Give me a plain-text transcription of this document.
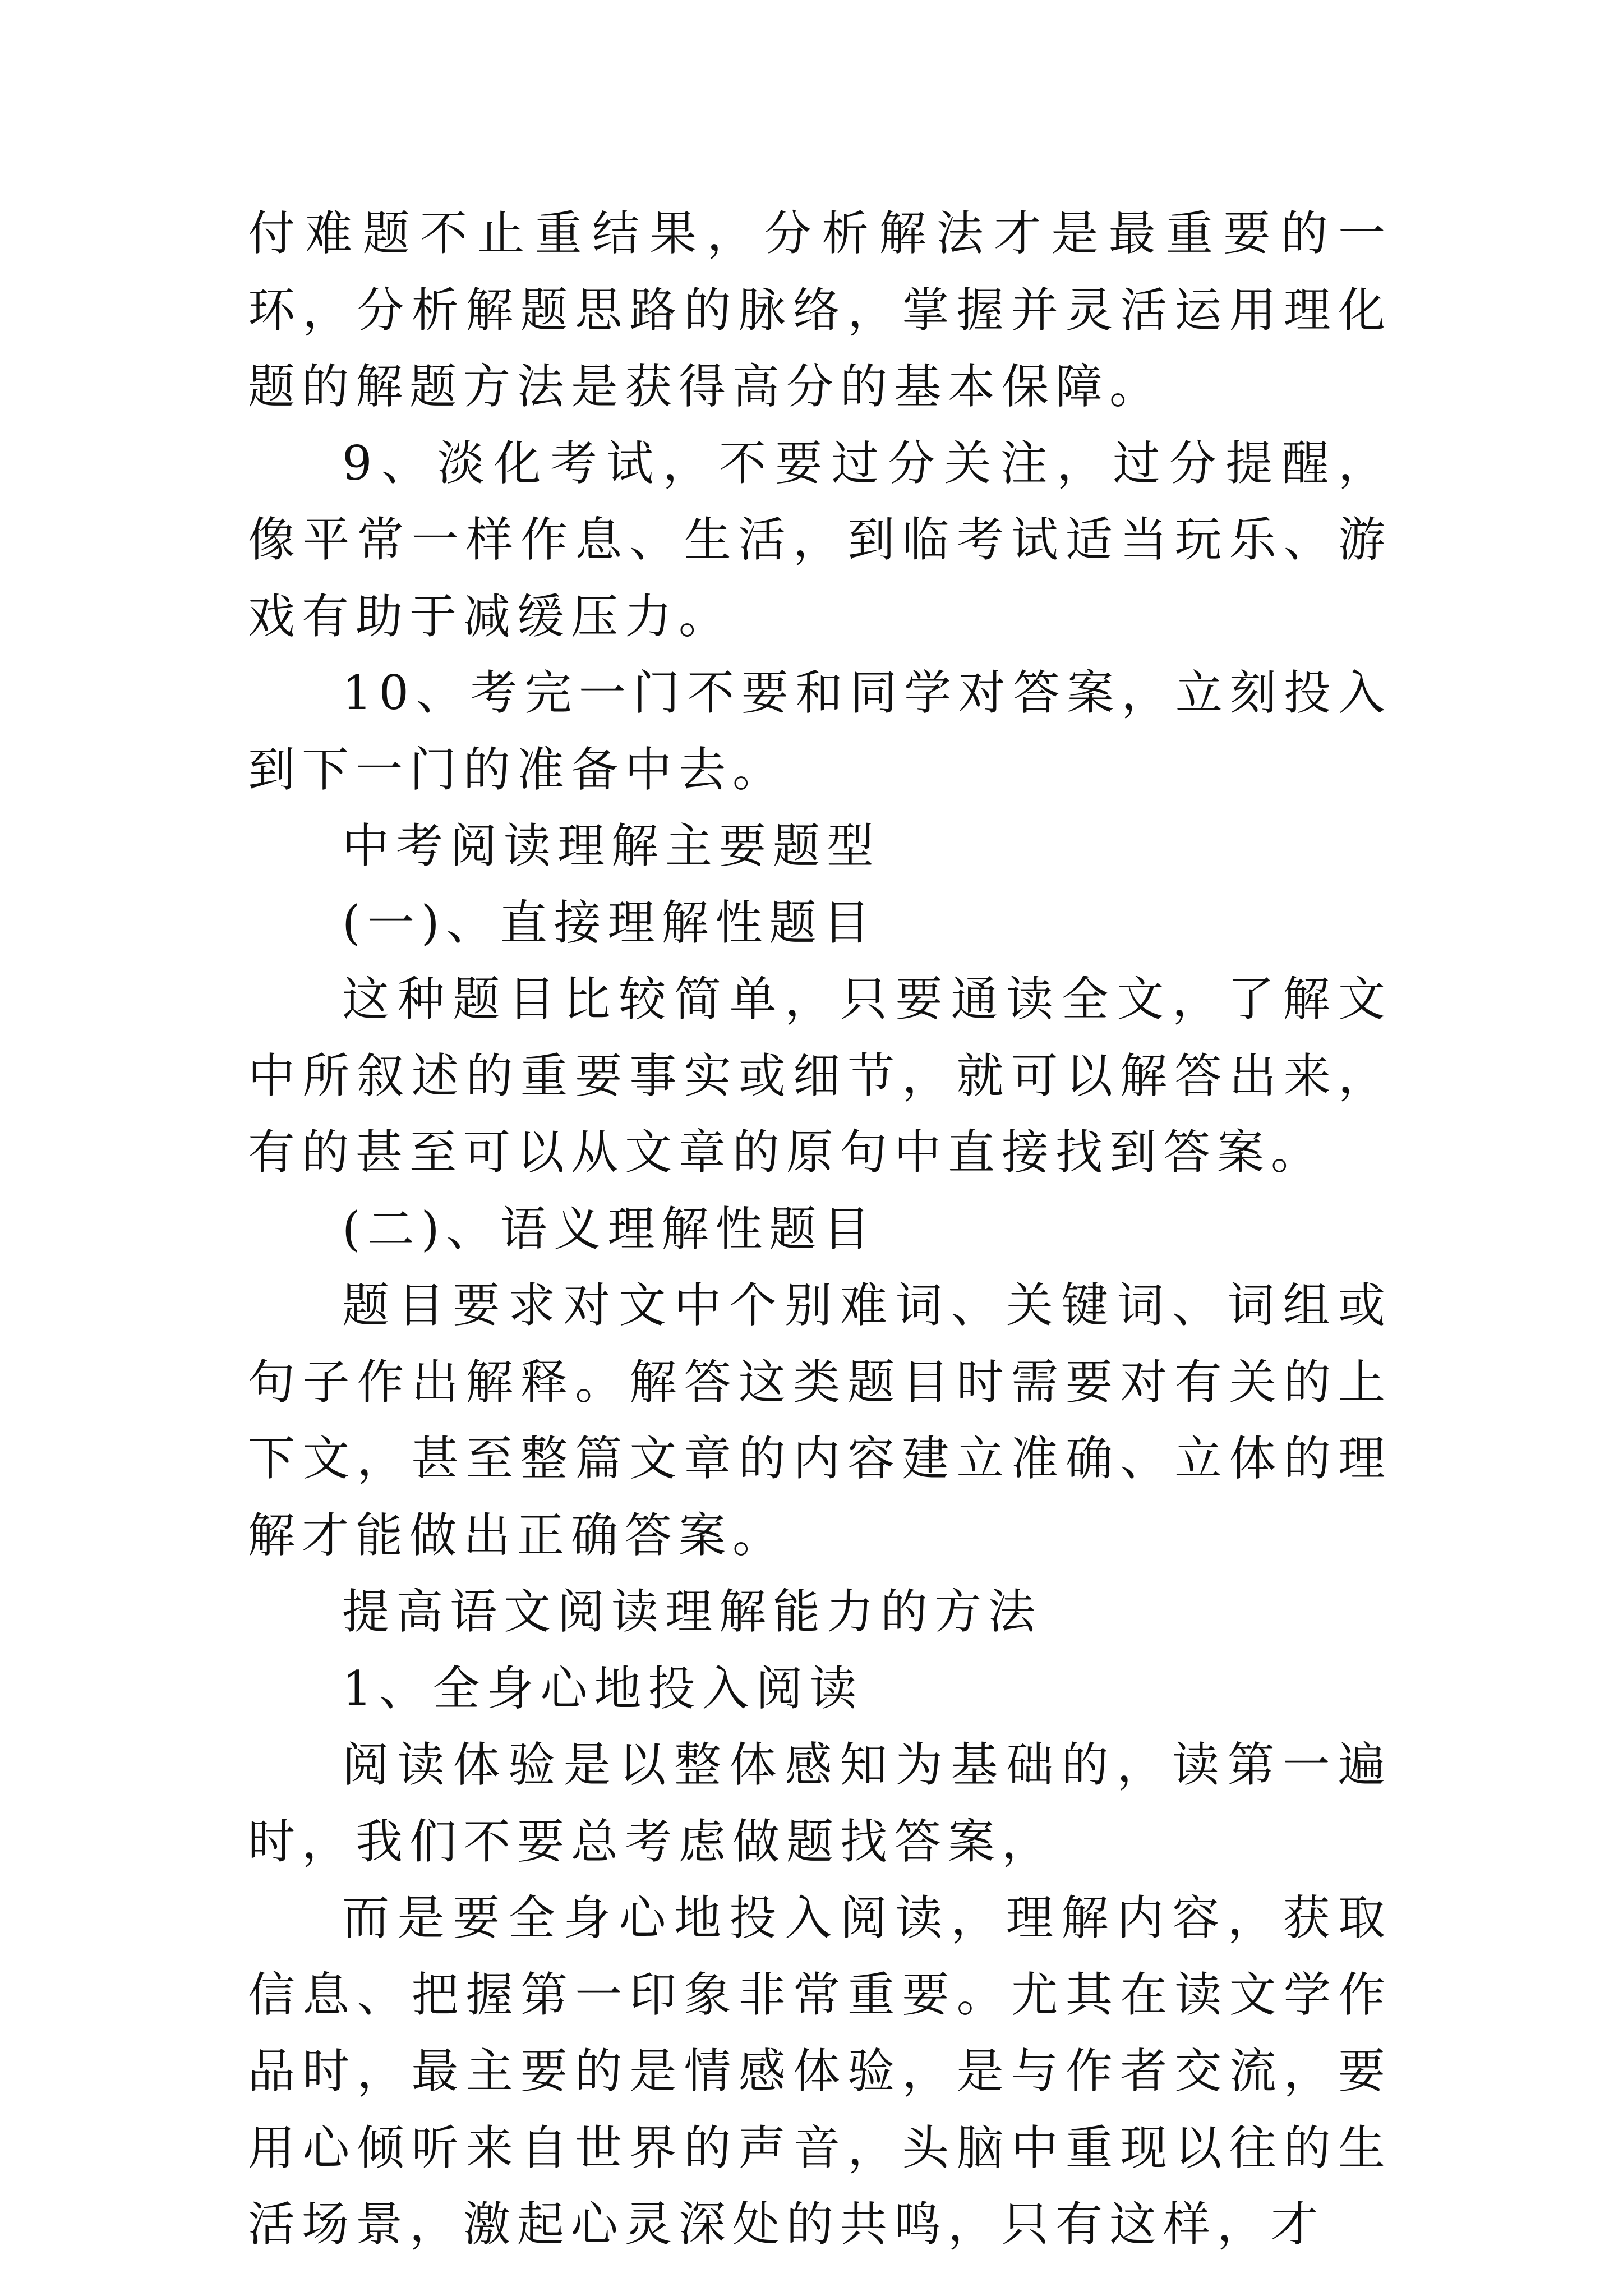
付难题不止重结果，分析解法才是最重要的一环，分析解题思路的脉络，掌握并灵活运用理化题的解题方法是获得高分的基本保障。

9、淡化考试，不要过分关注，过分提醒，像平常一样作息、生活，到临考试适当玩乐、游戏有助于减缓压力。

10、考完一门不要和同学对答案，立刻投入到下一门的准备中去。

中考阅读理解主要题型

(一)、直接理解性题目

这种题目比较简单，只要通读全文，了解文中所叙述的重要事实或细节，就可以解答出来，有的甚至可以从文章的原句中直接找到答案。

(二)、语义理解性题目

题目要求对文中个别难词、关键词、词组或句子作出解释。解答这类题目时需要对有关的上下文，甚至整篇文章的内容建立准确、立体的理解才能做出正确答案。

提高语文阅读理解能力的方法

1、全身心地投入阅读

阅读体验是以整体感知为基础的，读第一遍时，我们不要总考虑做题找答案，

而是要全身心地投入阅读，理解内容，获取信息、把握第一印象非常重要。尤其在读文学作品时，最主要的是情感体验，是与作者交流，要用心倾听来自世界的声音，头脑中重现以往的生活场景，激起心灵深处的共鸣，只有这样，才
